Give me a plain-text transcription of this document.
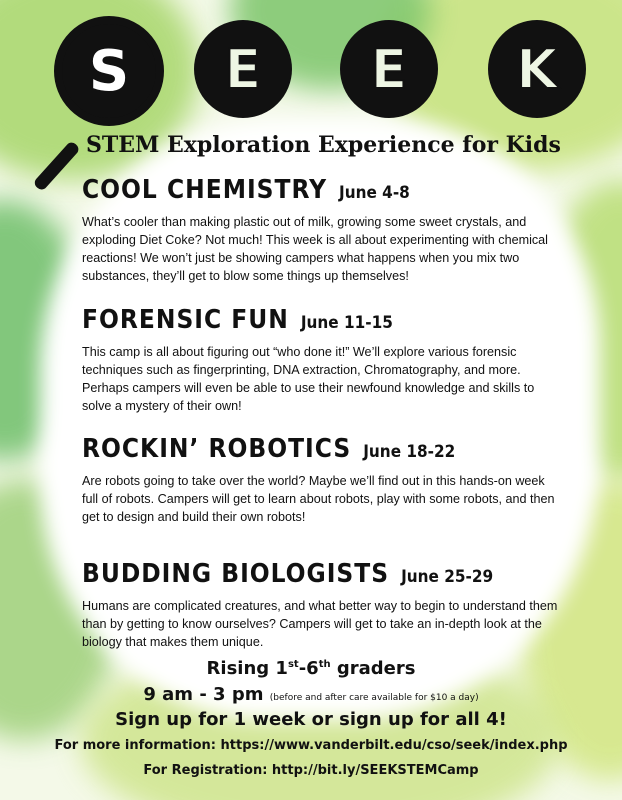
S	E E K
STEM Exploration Experience for Kids
COOL CHEMISTRY June 4-8

What’s cooler than making plastic out of milk, growing some sweet crystals, and exploding Diet Coke? Not much! This week is all about experimenting with chemical reactions! We won’t just be showing campers what happens when you mix two substances, they’ll get to blow some things up themselves!

FORENSIC FUN June 11-15

This camp is all about figuring out “who done it!” We’ll explore various forensic techniques such as fingerprinting, DNA extraction, Chromatography, and more. Perhaps campers will even be able to use their newfound knowledge and skills to solve a mystery of their own!

ROCKIN’ ROBOTICS June 18-22

Are robots going to take over the world? Maybe we’ll find out in this hands-on week full of robots. Campers will get to learn about robots, play with some robots, and then get to design and build their own robots!

BUDDING BIOLOGISTS June 25-29

Humans are complicated creatures, and what better way to begin to understand them than by getting to know ourselves? Campers will get to take an in-depth look at the biology that makes them unique.

Rising 1st-6th graders
9 am - 3 pm (before and after care available for $10 a day)
Sign up for 1 week or sign up for all 4!
For more information: https://www.vanderbilt.edu/cso/seek/index.php
For Registration: http://bit.ly/SEEKSTEMCamp
